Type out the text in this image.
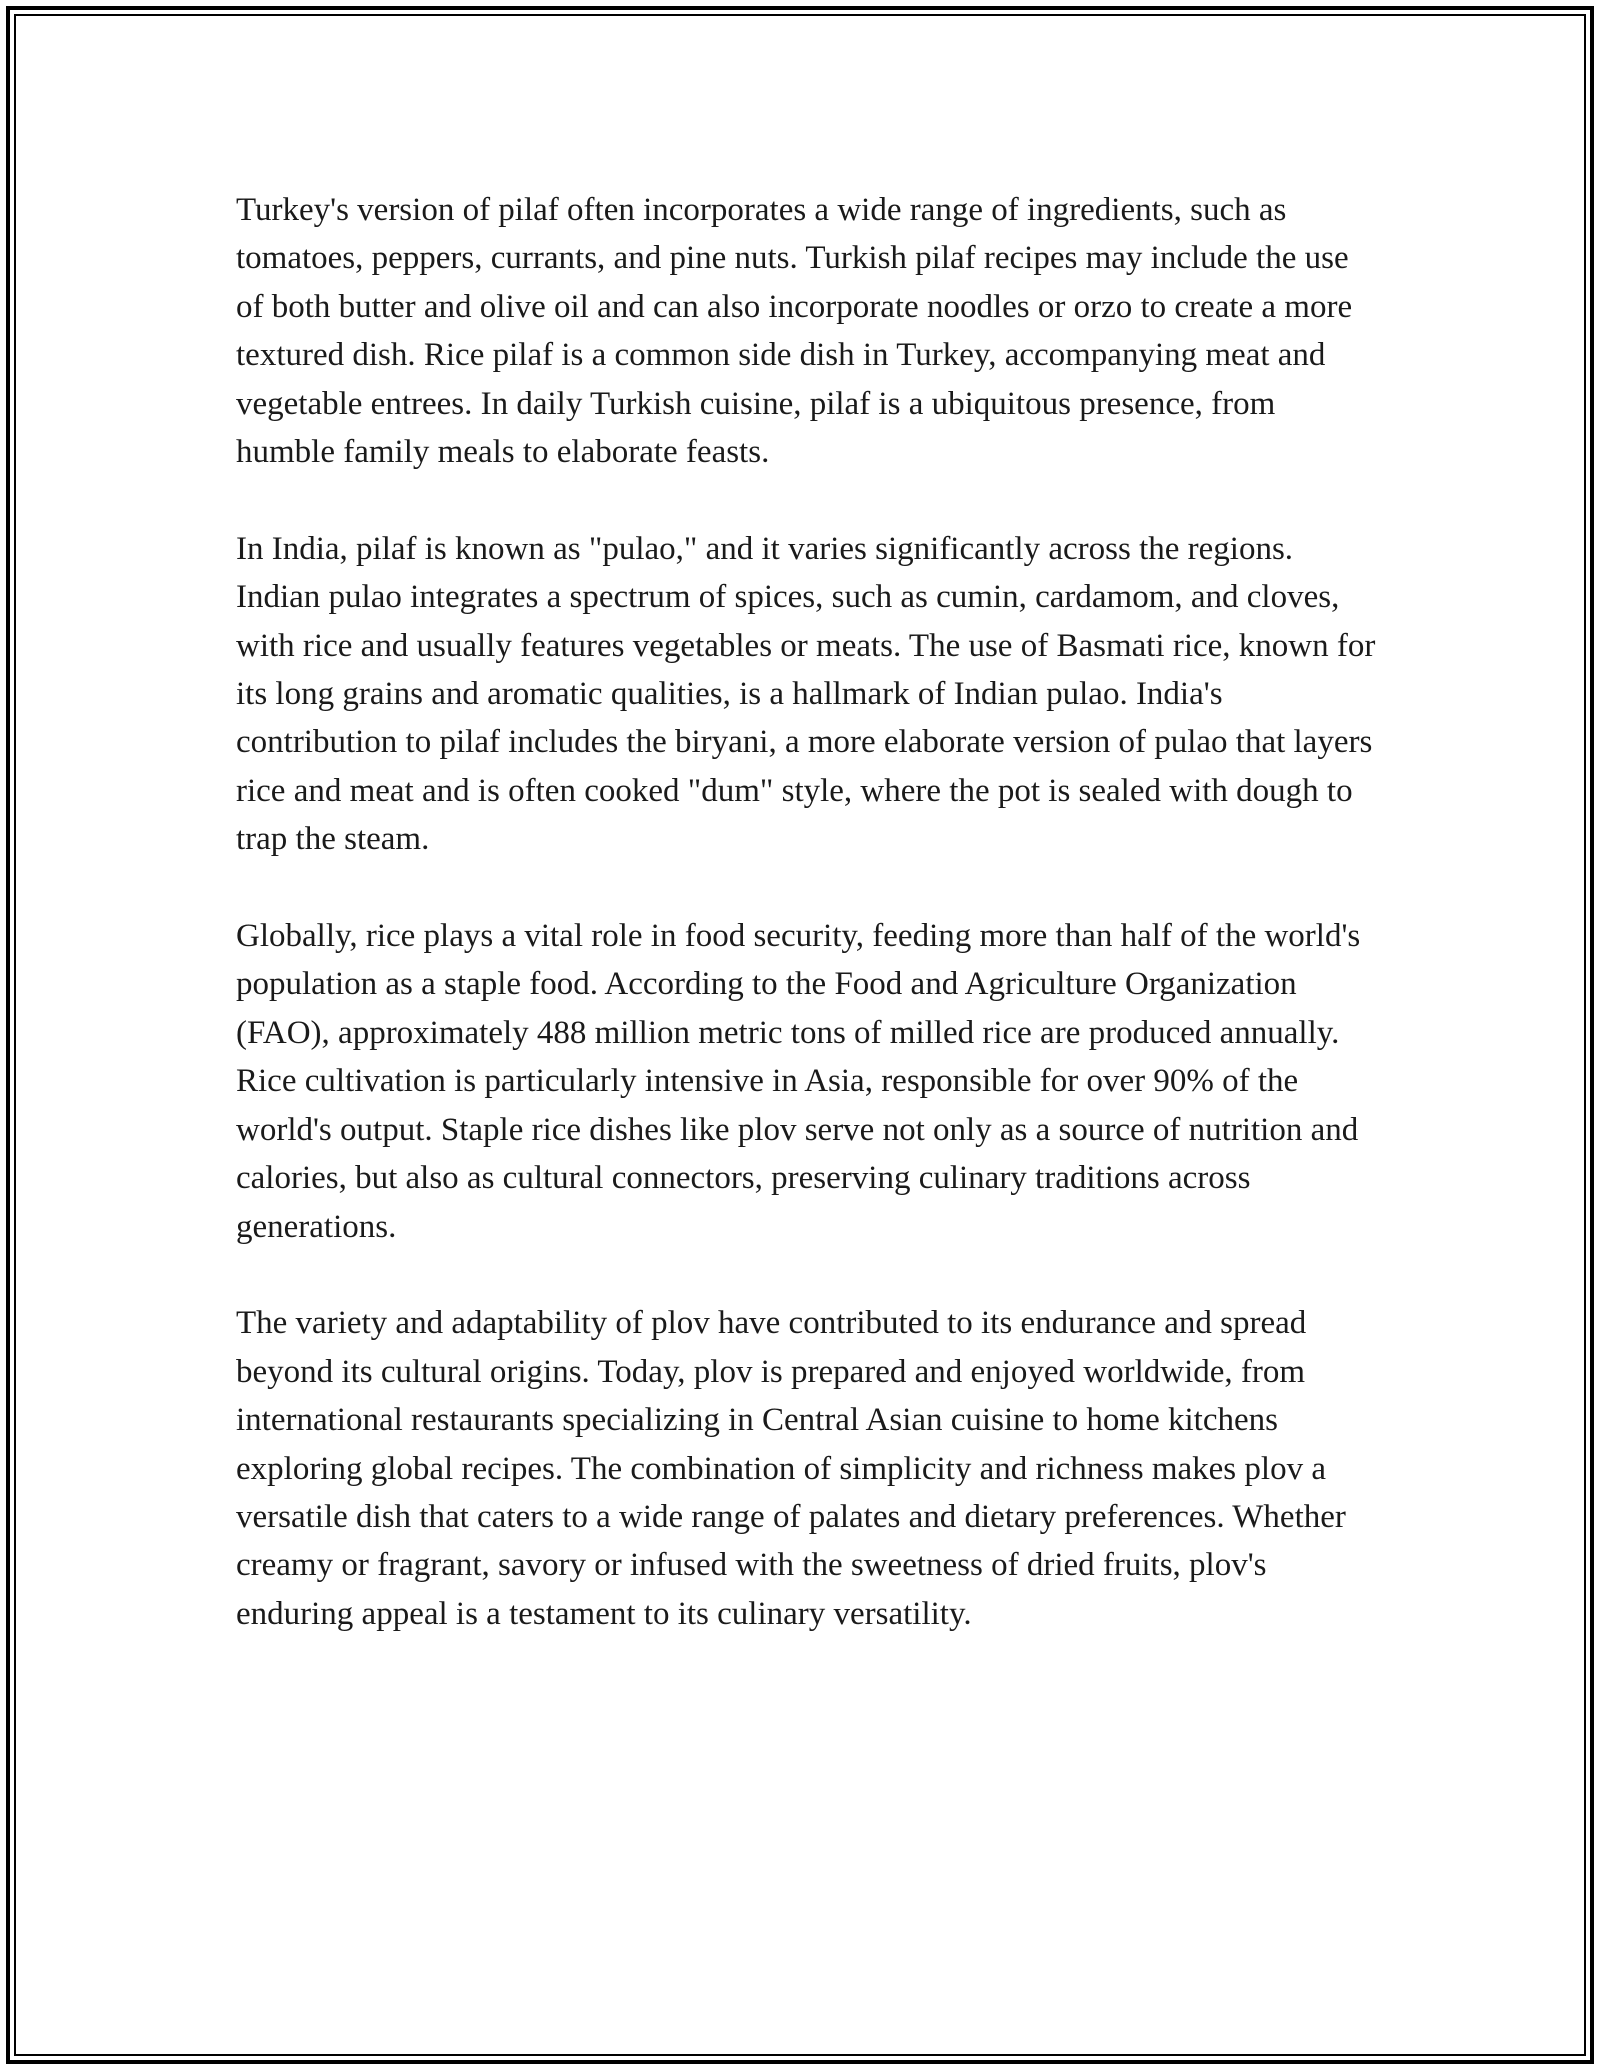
Turkey's version of pilaf often incorporates a wide range of ingredients, such as tomatoes, peppers, currants, and pine nuts. Turkish pilaf recipes may include the use of both butter and olive oil and can also incorporate noodles or orzo to create a more textured dish. Rice pilaf is a common side dish in Turkey, accompanying meat and vegetable entrees. In daily Turkish cuisine, pilaf is a ubiquitous presence, from humble family meals to elaborate feasts.

In India, pilaf is known as "pulao," and it varies significantly across the regions. Indian pulao integrates a spectrum of spices, such as cumin, cardamom, and cloves, with rice and usually features vegetables or meats. The use of Basmati rice, known for its long grains and aromatic qualities, is a hallmark of Indian pulao. India's contribution to pilaf includes the biryani, a more elaborate version of pulao that layers rice and meat and is often cooked "dum" style, where the pot is sealed with dough to trap the steam.

Globally, rice plays a vital role in food security, feeding more than half of the world's population as a staple food. According to the Food and Agriculture Organization (FAO), approximately 488 million metric tons of milled rice are produced annually. Rice cultivation is particularly intensive in Asia, responsible for over 90% of the world's output. Staple rice dishes like plov serve not only as a source of nutrition and calories, but also as cultural connectors, preserving culinary traditions across generations.

The variety and adaptability of plov have contributed to its endurance and spread beyond its cultural origins. Today, plov is prepared and enjoyed worldwide, from international restaurants specializing in Central Asian cuisine to home kitchens exploring global recipes. The combination of simplicity and richness makes plov a versatile dish that caters to a wide range of palates and dietary preferences. Whether creamy or fragrant, savory or infused with the sweetness of dried fruits, plov's enduring appeal is a testament to its culinary versatility.
